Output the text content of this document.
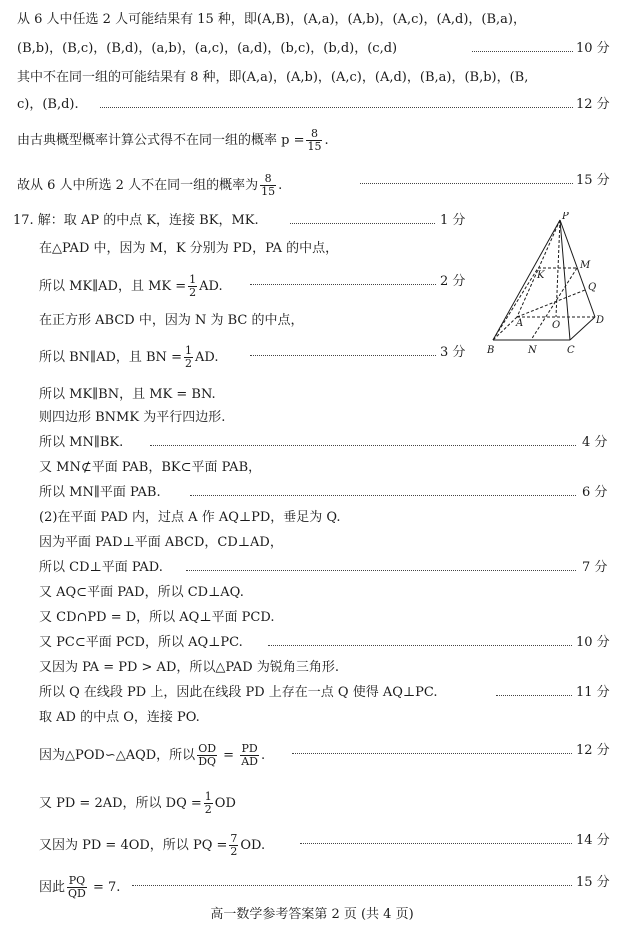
从 6 人中任选 2 人可能结果有 15 种，即(A,B)，(A,a)，(A,b)，(A,c)，(A,d)，(B,a)，
(B,b)，(B,c)，(B,d)，(a,b)，(a,c)，(a,d)，(b,c)，(b,d)，(c,d)	10 分
其中不在同一组的可能结果有 8 种，即(A,a)，(A,b)，(A,c)，(A,d)，(B,a)，(B,b)，(B,
c)，(B,d).	12 分
由古典概型概率计算公式得不在同一组的概率 $p = \frac{8}{15}$ .
故从 6 人中所选 2 人不在同一组的概率为 $\frac{8}{15}$ .	15 分
17. 解：取 AP 的中点 K，连接 BK，MK.	1 分
在△PAD 中，因为 M，K 分别为 PD，PA 的中点，
所以 MK∥AD，且 MK = $\frac{1}{2}$ AD.	2 分
在正方形 ABCD 中，因为 N 为 BC 的中点，
所以 BN∥AD，且 BN = $\frac{1}{2}$ AD.	3 分
所以 MK∥BN，且 MK = BN.
则四边形 BNMK 为平行四边形.
所以 MN∥BK.	4 分
又 MN⊄平面 PAB，BK⊂平面 PAB，
所以 MN∥平面 PAB.	6 分
(2)在平面 PAD 内，过点 A 作 AQ⊥PD，垂足为 Q.
因为平面 PAD⊥平面 ABCD，CD⊥AD，
所以 CD⊥平面 PAD.	7 分
又 AQ⊂平面 PAD，所以 CD⊥AQ.
又 CD∩PD = D，所以 AQ⊥平面 PCD.
又 PC⊂平面 PCD，所以 AQ⊥PC.	10 分
又因为 PA = PD > AD，所以△PAD 为锐角三角形.
所以 Q 在线段 PD 上，因此在线段 PD 上存在一点 Q 使得 AQ⊥PC.	11 分
取 AD 的中点 O，连接 PO.
因为△POD∽△AQD，所以 $\frac{OD}{DQ} = \frac{PD}{AD}$ .	12 分
又 PD = 2AD，所以 DQ = $\frac{1}{2}$ OD
又因为 PD = 4OD，所以 PQ = $\frac{7}{2}$ OD.	14 分
因此 $\frac{PQ}{QD} = 7$.	15 分
P
M
K
Q
A	O	D
B	N	C
高一数学参考答案第 2 页 (共 4 页)
